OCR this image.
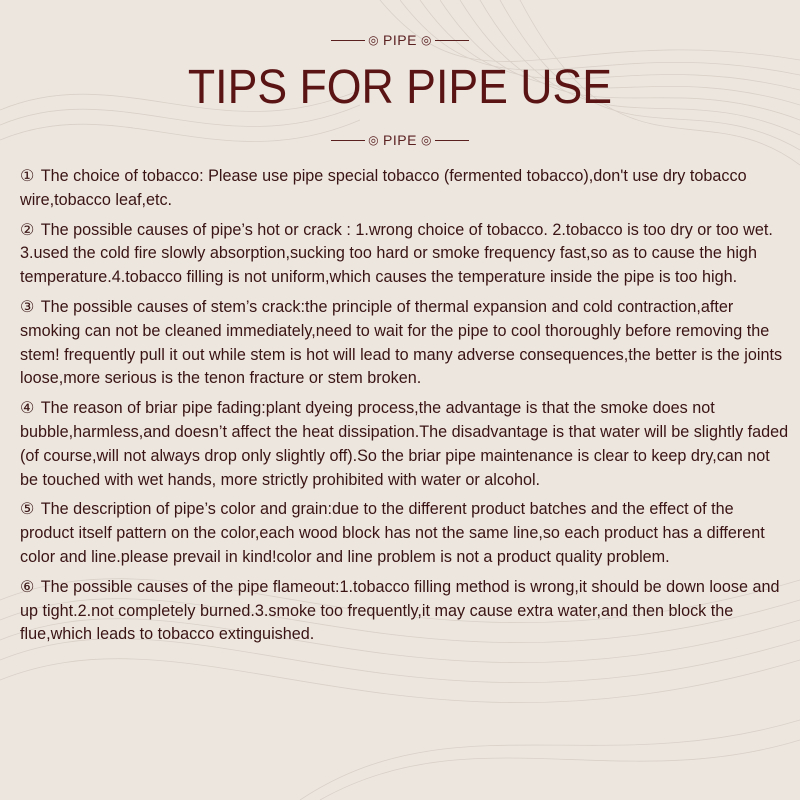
◎ PIPE ◎
TIPS FOR PIPE USE
◎ PIPE ◎

① The choice of tobacco: Please use pipe special tobacco (fermented tobacco),don't use dry tobacco wire,tobacco leaf,etc.

② The possible causes of pipe’s hot or crack : 1.wrong choice of tobacco. 2.tobacco is too dry or too wet. 3.used the cold fire slowly absorption,sucking too hard or smoke frequency fast,so as to cause the high temperature.4.tobacco filling is not uniform,which causes the temperature inside the pipe is too high.

③ The possible causes of stem’s crack:the principle of thermal expansion and cold contraction,after smoking can not be cleaned immediately,need to wait for the pipe to cool thoroughly before removing the stem! frequently pull it out while stem is hot will lead to many adverse consequences,the better is the joints loose,more serious is the tenon fracture or stem broken.

④ The reason of briar pipe fading:plant dyeing process,the advantage is that the smoke does not bubble,harmless,and doesn’t affect the heat dissipation.The disadvantage is that water will be slightly faded (of course,will not always drop only slightly off).So the briar pipe maintenance is clear to keep dry,can not be touched with wet hands, more strictly prohibited with water or alcohol.

⑤ The description of pipe’s color and grain:due to the different product batches and the effect of the product itself pattern on the color,each wood block has not the same line,so each product has a different color and line.please prevail in kind!color and line problem is not a product quality problem.

⑥ The possible causes of the pipe flameout:1.tobacco filling method is wrong,it should be down loose and up tight.2.not completely burned.3.smoke too frequently,it may cause extra water,and then block the flue,which leads to tobacco extinguished.
